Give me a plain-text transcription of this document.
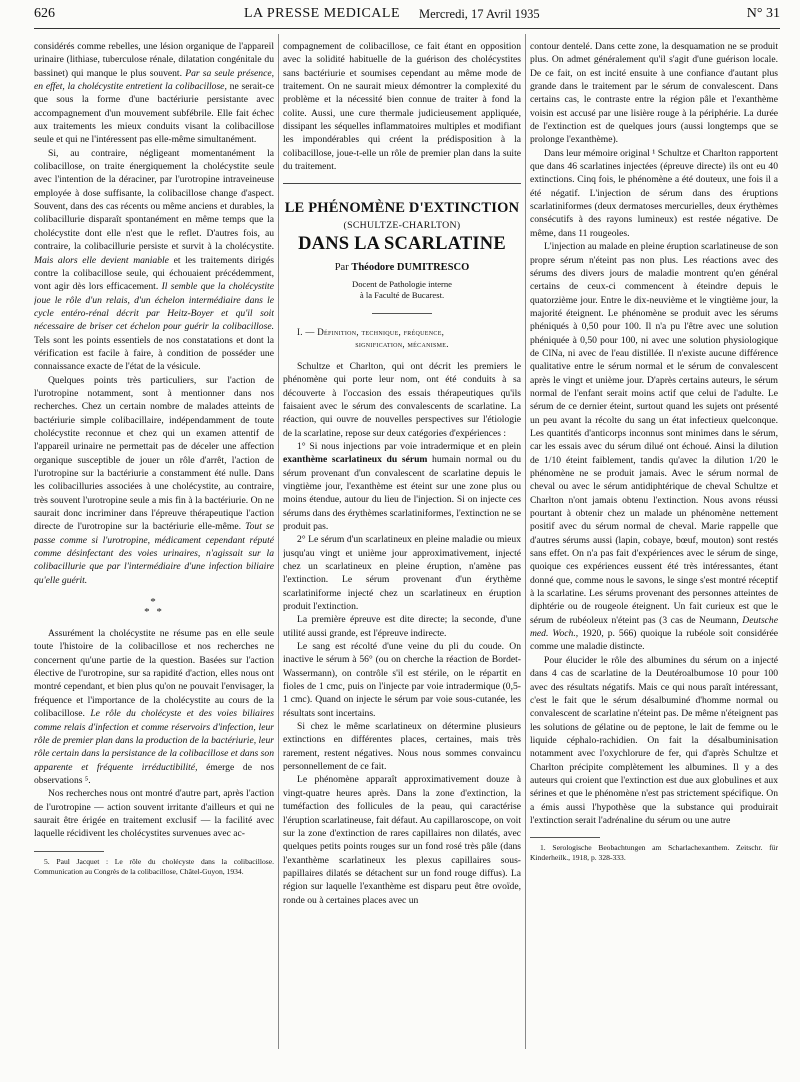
626	LA PRESSE MEDICALE Mercredi, 17 Avril 1935	N° 31

considérés comme rebelles, une lésion organique de l'appareil urinaire (lithiase, tuberculose rénale, dilatation congénitale du bassinet) qui manque le plus souvent. Par sa seule présence, en effet, la cholécystite entretient la colibacillose, ne serait-ce que sous la forme d'une bactériurie persistante avec accompagnement d'un mouvement subfébrile. Elle fait échec aux traitements les mieux conduits visant la colibacillose seule et qui ne l'intéressent pas elle-même simultanément.

Si, au contraire, négligeant momentanément la colibacillose, on traite énergiquement la cholécystite seule avec l'intention de la déraciner, par l'urotropine intraveineuse employée à dose suffisante, la colibacillose change d'aspect. Souvent, dans des cas récents ou même anciens et durables, la colibacillurie disparaît spontanément en même temps que la cholécystite dont elle n'est que le reflet. D'autres fois, au contraire, la colibacillurie persiste et survit à la cholécystite. Mais alors elle devient maniable et les traitements dirigés contre la colibacillose seule, qui échouaient précédemment, vont agir dès lors efficacement. Il semble que la cholécystite joue le rôle d'un relais, d'un échelon intermédiaire dans le cycle entéro-rénal décrit par Heitz-Boyer et qu'il soit nécessaire de briser cet échelon pour guérir la colibacillose. Tels sont les points essentiels de nos constatations et dont la vérification est facile à faire, à condition de posséder une connaissance exacte de l'état de la vésicule.

Quelques points très particuliers, sur l'action de l'urotropine notamment, sont à mentionner dans nos recherches. Chez un certain nombre de malades atteints de bactériurie simple colibacillaire, indépendamment de toute cholécystite reconnue et chez qui un examen attentif de l'appareil urinaire ne permettait pas de déceler une affection organique susceptible de jouer un rôle d'arrêt, l'action de l'urotropine sur la bactériurie a constamment été nulle. Dans les colibacilluries associées à une cholécystite, au contraire, très souvent l'urotropine seule a mis fin à la bactériurie. On ne saurait donc incriminer dans l'épreuve thérapeutique l'action directe de l'urotropine sur la bactériurie elle-même. Tout se passe comme si l'urotropine, médicament cependant réputé comme désinfectant des voies urinaires, n'agissait sur la colibacillurie que par l'intermédiaire d'une infection biliaire qu'elle guérit.

*
* *

Assurément la cholécystite ne résume pas en elle seule toute l'histoire de la colibacillose et nos recherches ne concernent qu'une partie de la question. Basées sur l'action élective de l'urotropine, sur sa rapidité d'action, elles nous ont montré cependant, et bien plus qu'on ne pouvait l'envisager, la fréquence et l'importance de la cholécystite au cours de la colibacillose. Le rôle du cholécyste et des voies biliaires comme relais d'infection et comme réservoirs d'infection, leur rôle de premier plan dans la production de la bactériurie, leur rôle certain dans la persistance de la colibacillose et dans son apparente et fréquente irréductibilité, émerge de nos observations ⁵.

Nos recherches nous ont montré d'autre part, après l'action de l'urotropine — action souvent irritante d'ailleurs et qui ne saurait être érigée en traitement exclusif — la facilité avec laquelle récidivent les cholécystites survenues avec ac-

5. Paul Jacquet : Le rôle du cholécyste dans la colibacillose. Communication au Congrès de la colibacillose, Châtel-Guyon, 1934.

compagnement de colibacillose, ce fait étant en opposition avec la solidité habituelle de la guérison des cholécystites sans bactériurie et soumises cependant au même mode de traitement. On ne saurait mieux démontrer la complexité du problème et la nécessité bien connue de traiter à fond la colite. Aussi, une cure thermale judicieusement appliquée, dissipant les séquelles inflammatoires multiples et modifiant les impondérables qui créent la prédisposition à la colibacillose, joue-t-elle un rôle de premier plan dans la suite du traitement.

LE PHÉNOMÈNE D'EXTINCTION
(SCHULTZE-CHARLTON)
DANS LA SCARLATINE
Par Théodore DUMITRESCO
Docent de Pathologie interne
à la Faculté de Bucarest.
I. — Définition, technique, fréquence,
signification, mécanisme.

Schultze et Charlton, qui ont décrit les premiers le phénomène qui porte leur nom, ont été conduits à sa découverte à l'occasion des essais thérapeutiques qu'ils faisaient avec le sérum des convalescents de scarlatine. La réaction, qui ouvre de nouvelles perspectives sur l'étiologie de la scarlatine, repose sur deux catégories d'expériences :

1° Si nous injections par voie intradermique et en plein exanthème scarlatineux du sérum humain normal ou du sérum provenant d'un convalescent de scarlatine depuis le vingtième jour, l'exanthème est éteint sur une zone plus ou moins étendue, autour du lieu de l'injection. Si on injecte ces sérums dans des érythèmes scarlatiniformes, l'extinction ne se produit pas.

2° Le sérum d'un scarlatineux en pleine maladie ou mieux jusqu'au vingt et unième jour approximativement, injecté chez un scarlatineux en pleine éruption, n'amène pas l'extinction. Le sérum provenant d'un érythème scarlatiniforme injecté chez un scarlatineux en éruption produit l'extinction.

La première épreuve est dite directe; la seconde, d'une utilité aussi grande, est l'épreuve indirecte.

Le sang est récolté d'une veine du pli du coude. On inactive le sérum à 56° (ou on cherche la réaction de Bordet-Wassermann), on contrôle s'il est stérile, on le répartit en fioles de 1 cmc, puis on l'injecte par voie intradermique (0,5-1 cmc). Quand on injecte le sérum par voie sous-cutanée, les résultats sont incertains.

Si chez le même scarlatineux on détermine plusieurs extinctions en différentes places, certaines, mais très rarement, restent négatives. Nous nous sommes convaincu personnellement de ce fait.

Le phénomène apparaît approximativement douze à vingt-quatre heures après. Dans la zone d'extinction, la tuméfaction des follicules de la peau, qui caractérise l'éruption scarlatineuse, fait défaut. Au capillaroscope, on voit sur la zone d'extinction de rares capillaires non dilatés, avec quelques petits points rouges sur un fond rosé très pâle (dans l'exanthème scarlatineux les plexus capillaires sous-papillaires dilatés se détachent sur un fond rouge diffus). La région sur laquelle l'exanthème est disparu peut être ovoïde, ronde ou à certaines places avec un

contour dentelé. Dans cette zone, la desquamation ne se produit plus. On admet généralement qu'il s'agit d'une guérison locale. De ce fait, on est incité ensuite à une confiance d'autant plus grande dans le traitement par le sérum de convalescent. Dans certains cas, le contraste entre la région pâle et l'exanthème voisin est accusé par une lisière rouge à la périphérie. La durée de l'extinction est de quelques jours (aussi longtemps que se prolonge l'exanthème).

Dans leur mémoire original ¹ Schultze et Charlton rapportent que dans 46 scarlatines injectées (épreuve directe) ils ont eu 40 extinctions. Cinq fois, le phénomène a été douteux, une fois il a été négatif. L'injection de sérum dans des éruptions scarlatiniformes (deux dermatoses mercurielles, deux érythèmes consécutifs à des rayons lumineux) est restée négative. De même, dans 11 rougeoles.

L'injection au malade en pleine éruption scarlatineuse de son propre sérum n'éteint pas non plus. Les réactions avec des sérums des divers jours de maladie montrent qu'en général certains de ceux-ci commencent à éteindre depuis le quatorzième jour. Entre le dix-neuvième et le vingtième jour, la majorité éteignent. Le phénomène se produit avec les sérums phéniqués à 0,50 pour 100. Il n'a pu l'être avec une solution phéniquée à 0,50 pour 100, ni avec une solution physiologique de ClNa, ni avec de l'eau distillée. Il n'existe aucune différence qualitative entre le sérum normal et le sérum de convalescent après le vingt et unième jour. D'après certains auteurs, le sérum normal de l'enfant serait moins actif que celui de l'adulte. Le sérum de ce dernier éteint, surtout quand les sujets ont présenté un peu avant la récolte du sang un état infectieux quelconque. Les quantités d'anticorps inconnus sont minimes dans le sérum, car les essais avec du sérum dilué ont échoué. Ainsi la dilution de 1/10 éteint faiblement, tandis qu'avec la dilution 1/20 le phénomène ne se produit jamais. Avec le sérum normal de cheval ou avec le sérum antidiphtérique de cheval Schultze et Charlton n'ont jamais obtenu l'extinction. Nous avons réussi pourtant à obtenir chez un malade un phénomène nettement positif avec du sérum normal de cheval. Marie rappelle que d'autres sérums aussi (lapin, cobaye, bœuf, mouton) sont restés sans effet. On n'a pas fait d'expériences avec le sérum de singe, quoique ces expériences eussent été très intéressantes, étant donné que, comme nous le savons, le singe s'est montré réceptif à la scarlatine. Les sérums provenant des personnes atteintes de diphtérie ou de rougeole éteignent. Un fait curieux est que le sérum de rubéoleux n'éteint pas (3 cas de Neumann, Deutsche med. Woch., 1920, p. 566) quoique la rubéole soit considérée comme une maladie distincte.

Pour élucider le rôle des albumines du sérum on a injecté dans 4 cas de scarlatine de la Deutéroalbumose 10 pour 100 avec des résultats négatifs. Mais ce qui nous paraît intéressant, c'est le fait que le sérum désalbuminé d'homme normal ou convalescent de scarlatine n'éteint pas. De même n'éteignent pas les solutions de gélatine ou de peptone, le lait de femme ou le liquide céphalo-rachidien. On fait la désalbuminisation notamment avec l'oxychlorure de fer, qui d'après Schultze et Charlton précipite complètement les albumines. Il y a des auteurs qui croient que l'extinction est due aux globulines et aux sérines et que le phénomène n'est pas strictement spécifique. On a émis aussi l'hypothèse que la substance qui produirait l'extinction serait l'adrénaline du sérum ou une autre

1. Serologische Beobachtungen am Scharlachexanthem. Zeitschr. für Kinderheilk., 1918, p. 328-333.
